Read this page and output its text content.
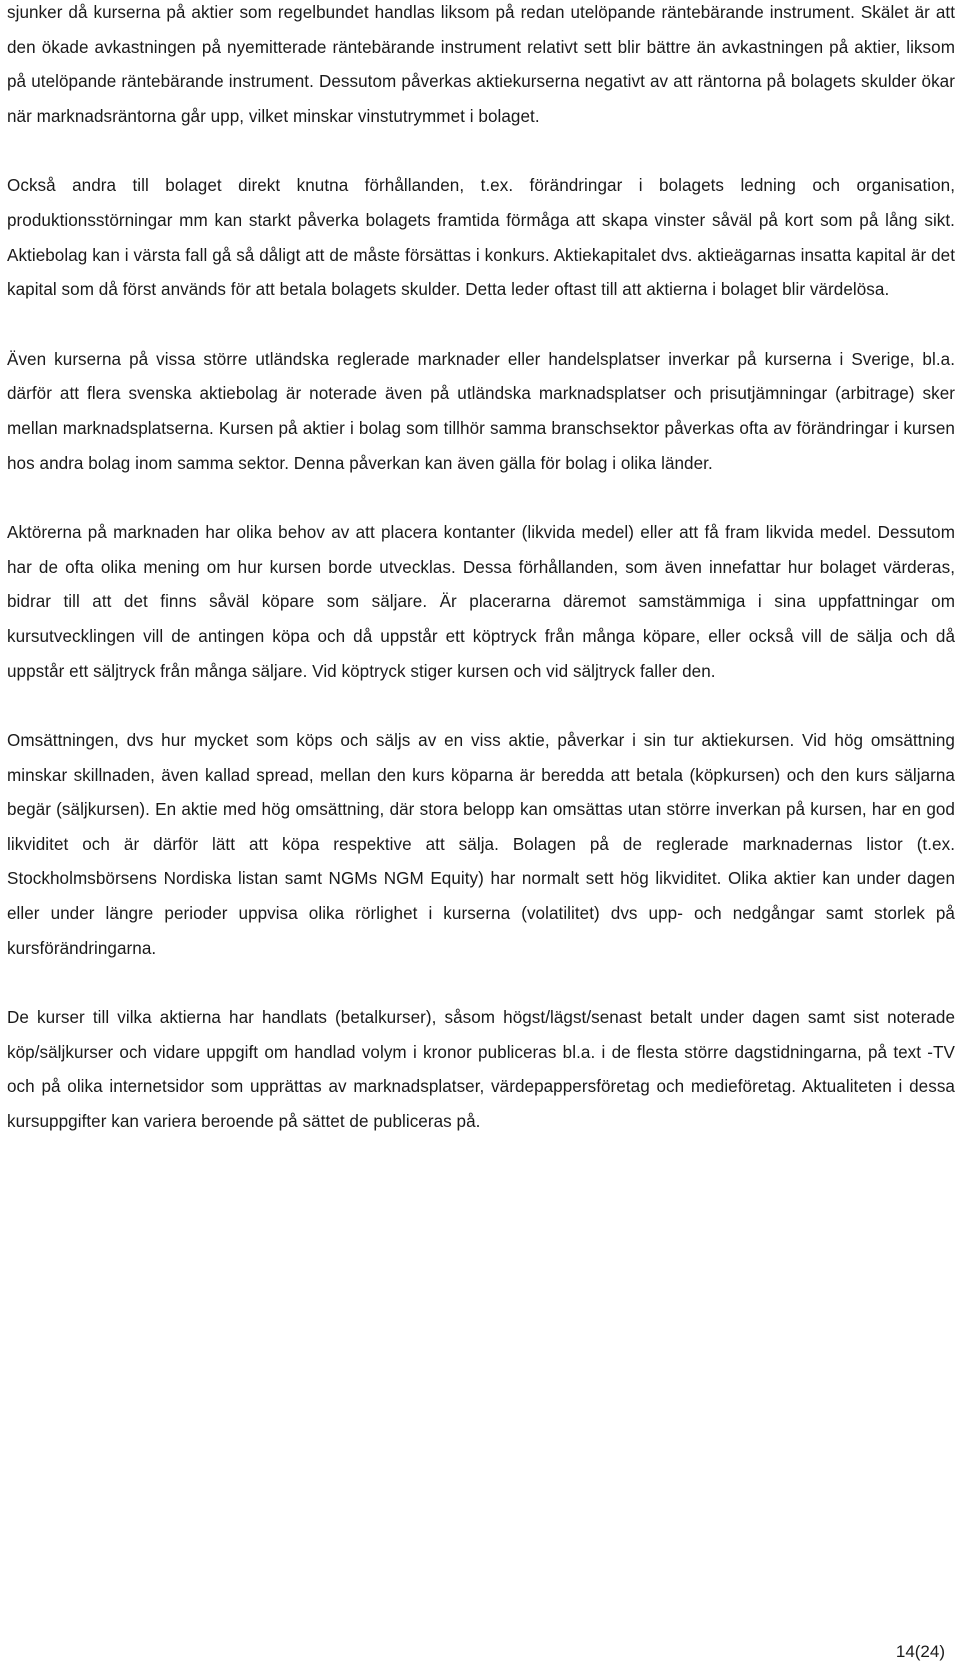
sjunker då kurserna på aktier som regelbundet handlas liksom på redan utelöpande räntebärande instrument. Skälet är att den ökade avkastningen på nyemitterade räntebärande instrument relativt sett blir bättre än avkastningen på aktier, liksom på utelöpande räntebärande instrument. Dessutom påverkas aktiekurserna negativt av att räntorna på bolagets skulder ökar när marknadsräntorna går upp, vilket minskar vinstutrymmet i bolaget.

Också andra till bolaget direkt knutna förhållanden, t.ex. förändringar i bolagets ledning och organisation, produktionsstörningar mm kan starkt påverka bolagets framtida förmåga att skapa vinster såväl på kort som på lång sikt. Aktiebolag kan i värsta fall gå så dåligt att de måste försättas i konkurs. Aktiekapitalet dvs. aktieägarnas insatta kapital är det kapital som då först används för att betala bolagets skulder. Detta leder oftast till att aktierna i bolaget blir värdelösa.

Även kurserna på vissa större utländska reglerade marknader eller handelsplatser inverkar på kurserna i Sverige, bl.a. därför att flera svenska aktiebolag är noterade även på utländska marknadsplatser och prisutjämningar (arbitrage) sker mellan marknadsplatserna. Kursen på aktier i bolag som tillhör samma branschsektor påverkas ofta av förändringar i kursen hos andra bolag inom samma sektor. Denna påverkan kan även gälla för bolag i olika länder.

Aktörerna på marknaden har olika behov av att placera kontanter (likvida medel) eller att få fram likvida medel. Dessutom har de ofta olika mening om hur kursen borde utvecklas. Dessa förhållanden, som även innefattar hur bolaget värderas, bidrar till att det finns såväl köpare som säljare. Är placerarna däremot samstämmiga i sina uppfattningar om kursutvecklingen vill de antingen köpa och då uppstår ett köptryck från många köpare, eller också vill de sälja och då uppstår ett säljtryck från många säljare. Vid köptryck stiger kursen och vid säljtryck faller den.

Omsättningen, dvs hur mycket som köps och säljs av en viss aktie, påverkar i sin tur aktiekursen. Vid hög omsättning minskar skillnaden, även kallad spread, mellan den kurs köparna är beredda att betala (köpkursen) och den kurs säljarna begär (säljkursen). En aktie med hög omsättning, där stora belopp kan omsättas utan större inverkan på kursen, har en god likviditet och är därför lätt att köpa respektive att sälja. Bolagen på de reglerade marknadernas listor (t.ex. Stockholmsbörsens Nordiska listan samt NGMs NGM Equity) har normalt sett hög likviditet. Olika aktier kan under dagen eller under längre perioder uppvisa olika rörlighet i kurserna (volatilitet) dvs upp- och nedgångar samt storlek på kursförändringarna.

De kurser till vilka aktierna har handlats (betalkurser), såsom högst/lägst/senast betalt under dagen samt sist noterade köp/säljkurser och vidare uppgift om handlad volym i kronor publiceras bl.a. i de flesta större dagstidningarna, på text -TV och på olika internetsidor som upprättas av marknadsplatser, värdepappersföretag och medieföretag. Aktualiteten i dessa kursuppgifter kan variera beroende på sättet de publiceras på.

14(24)
